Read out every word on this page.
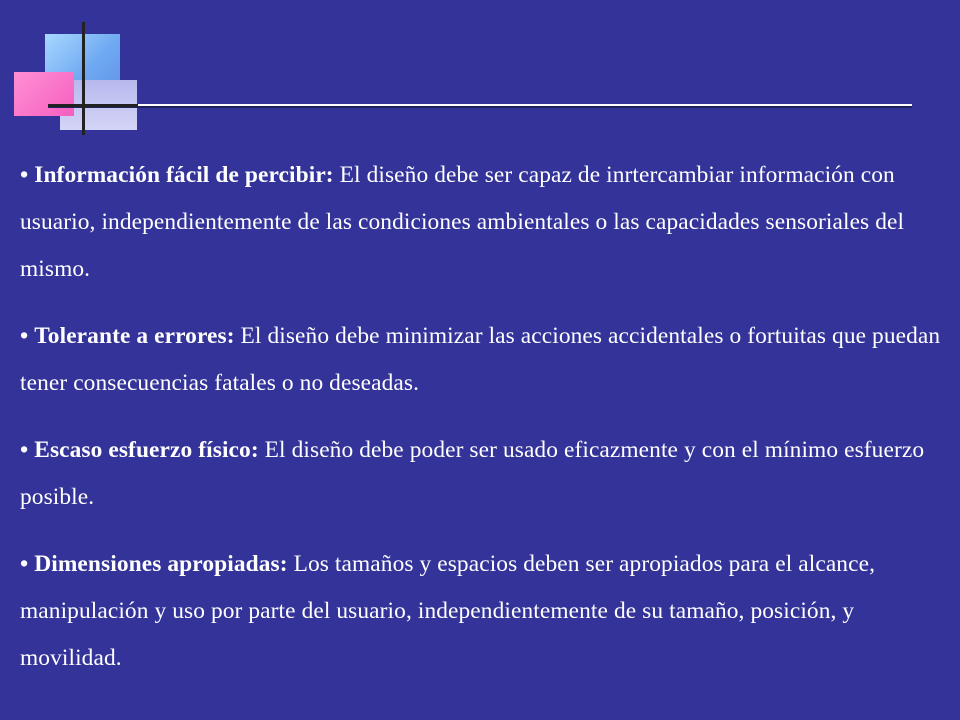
• Información fácil de percibir: El diseño debe ser capaz de inrtercambiar información con usuario, independientemente de las condiciones ambientales o las capacidades sensoriales del mismo.

• Tolerante a errores: El diseño debe minimizar las acciones accidentales o fortuitas que puedan tener consecuencias fatales o no deseadas.

• Escaso esfuerzo físico: El diseño debe poder ser usado eficazmente y con el mínimo esfuerzo posible.

• Dimensiones apropiadas: Los tamaños y espacios deben ser apropiados para el alcance, manipulación y uso por parte del usuario, independientemente de su tamaño, posición, y movilidad.
